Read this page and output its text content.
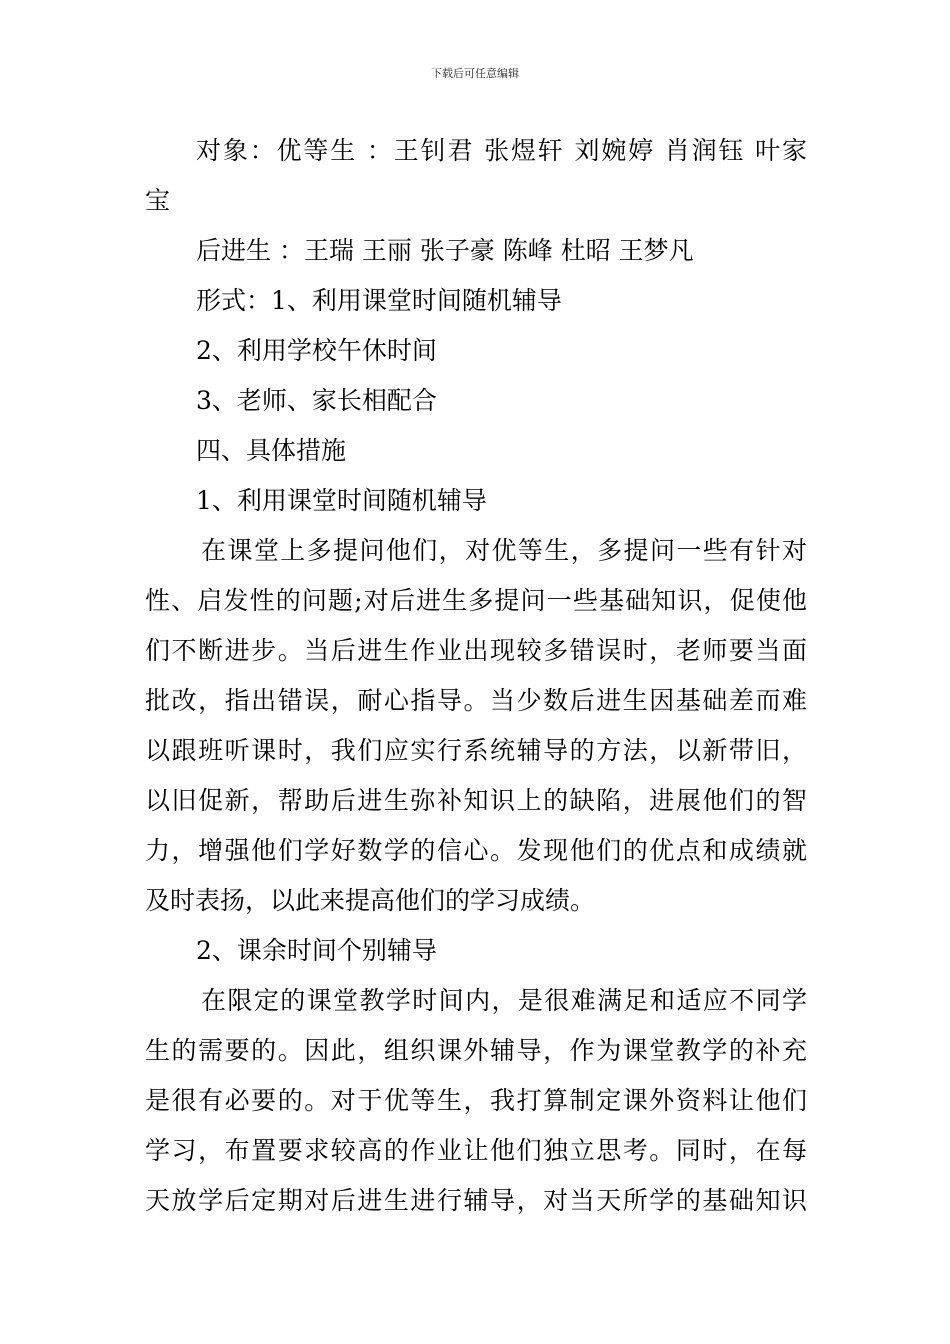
下载后可任意编辑
对象：优等生 ：王钊君 张煜轩 刘婉婷 肖润钰 叶家
宝
后进生 ：王瑞 王丽 张子豪 陈峰 杜昭 王梦凡
形式：1、利用课堂时间随机辅导
2、利用学校午休时间
3、老师、家长相配合
四、具体措施
1、利用课堂时间随机辅导
在课堂上多提问他们，对优等生，多提问一些有针对
性、启发性的问题;对后进生多提问一些基础知识，促使他
们不断进步。当后进生作业出现较多错误时，老师要当面
批改，指出错误，耐心指导。当少数后进生因基础差而难
以跟班听课时，我们应实行系统辅导的方法，以新带旧，
以旧促新，帮助后进生弥补知识上的缺陷，进展他们的智
力，增强他们学好数学的信心。发现他们的优点和成绩就
及时表扬，以此来提高他们的学习成绩。
2、课余时间个别辅导
在限定的课堂教学时间内，是很难满足和适应不同学
生的需要的。因此，组织课外辅导，作为课堂教学的补充
是很有必要的。对于优等生，我打算制定课外资料让他们
学习，布置要求较高的作业让他们独立思考。同时，在每
天放学后定期对后进生进行辅导，对当天所学的基础知识
